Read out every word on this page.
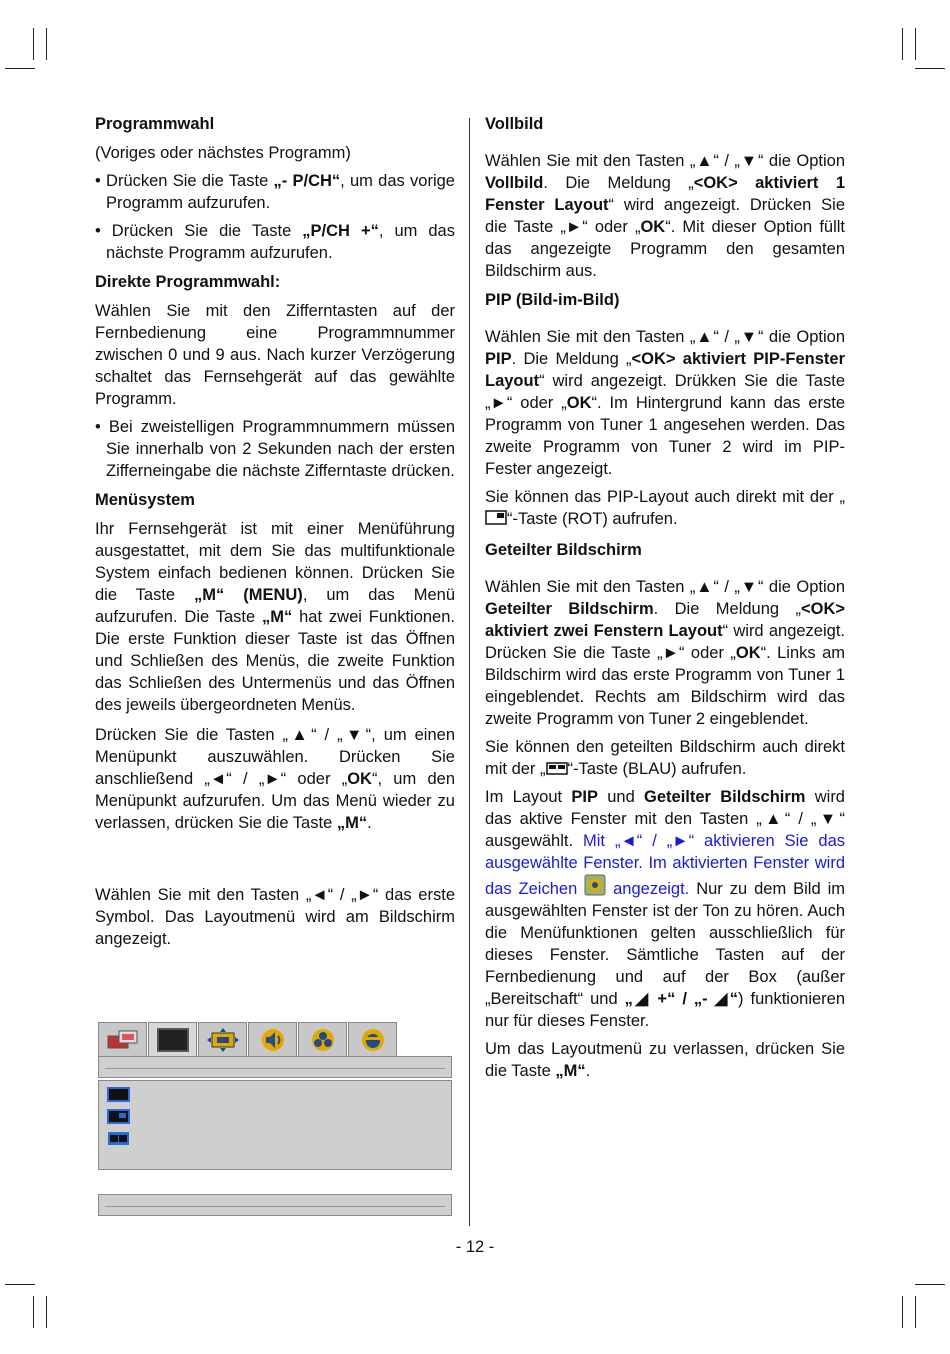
Programmwahl

(Voriges oder nächstes Programm)

• Drücken Sie die Taste „- P/CH“, um das vorige Programm aufzurufen.

• Drücken Sie die Taste „P/CH +“, um das nächste Programm aufzurufen.

Direkte Programmwahl:

Wählen Sie mit den Zifferntasten auf der Fernbedienung eine Programmnummer zwischen 0 und 9 aus. Nach kurzer Verzögerung schaltet das Fernsehgerät auf das gewählte Programm.

• Bei zweistelligen Programmnummern müssen Sie innerhalb von 2 Sekunden nach der ersten Zifferneingabe die nächste Zifferntaste drücken.

Menüsystem

Ihr Fernsehgerät ist mit einer Menüführung ausgestattet, mit dem Sie das multifunktionale System einfach bedienen können. Drücken Sie die Taste „M“ (MENU), um das Menü aufzurufen. Die Taste „M“ hat zwei Funktionen. Die erste Funktion dieser Taste ist das Öffnen und Schließen des Menüs, die zweite Funktion das Schließen des Untermenüs und das Öffnen des jeweils übergeordneten Menüs.

Drücken Sie die Tasten „▲“ / „▼“, um einen Menüpunkt auszuwählen. Drücken Sie anschließend „◄“ / „►“ oder „OK“, um den Menüpunkt aufzurufen. Um das Menü wieder zu verlassen, drücken Sie die Taste „M“.

Wählen Sie mit den Tasten „◄“ / „►“ das erste Symbol. Das Layoutmenü wird am Bildschirm angezeigt.

Vollbild

Wählen Sie mit den Tasten „▲“ / „▼“ die Option Vollbild. Die Meldung „<OK> aktiviert 1 Fenster Layout“ wird angezeigt. Drücken Sie die Taste „►“ oder „OK“. Mit dieser Option füllt das angezeigte Programm den gesamten Bildschirm aus.

PIP (Bild-im-Bild)

Wählen Sie mit den Tasten „▲“ / „▼“ die Option PIP. Die Meldung „<OK> aktiviert PIP-Fenster Layout“ wird angezeigt. Drükken Sie die Taste „►“ oder „OK“. Im Hintergrund kann das erste Programm von Tuner 1 angesehen werden. Das zweite Programm von Tuner 2 wird im PIP-Fester angezeigt.

Sie können das PIP-Layout auch direkt mit der „“-Taste (ROT) aufrufen.

Geteilter Bildschirm

Wählen Sie mit den Tasten „▲“ / „▼“ die Option Geteilter Bildschirm. Die Meldung „<OK> aktiviert zwei Fenstern Layout“ wird angezeigt. Drücken Sie die Taste „►“ oder „OK“. Links am Bildschirm wird das erste Programm von Tuner 1 eingeblendet. Rechts am Bildschirm wird das zweite Programm von Tuner 2 eingeblendet.

Sie können den geteilten Bildschirm auch direkt mit der „ “-Taste (BLAU) aufrufen.

Im Layout PIP und Geteilter Bildschirm wird das aktive Fenster mit den Tasten „▲“ / „▼“ ausgewählt. Mit „◄“ / „►“ aktivieren Sie das ausgewählte Fenster. Im aktivierten Fenster wird das Zeichen  angezeigt. Nur zu dem Bild im ausgewählten Fenster ist der Ton zu hören. Auch die Menüfunktionen gelten ausschließlich für dieses Fenster. Sämtliche Tasten auf der Fernbedienung und auf der Box (außer „Bereitschaft“ und „◢ +“ / „- ◢“) funktionieren nur für dieses Fenster.

Um das Layoutmenü zu verlassen, drücken Sie die Taste „M“.

- 12 -
